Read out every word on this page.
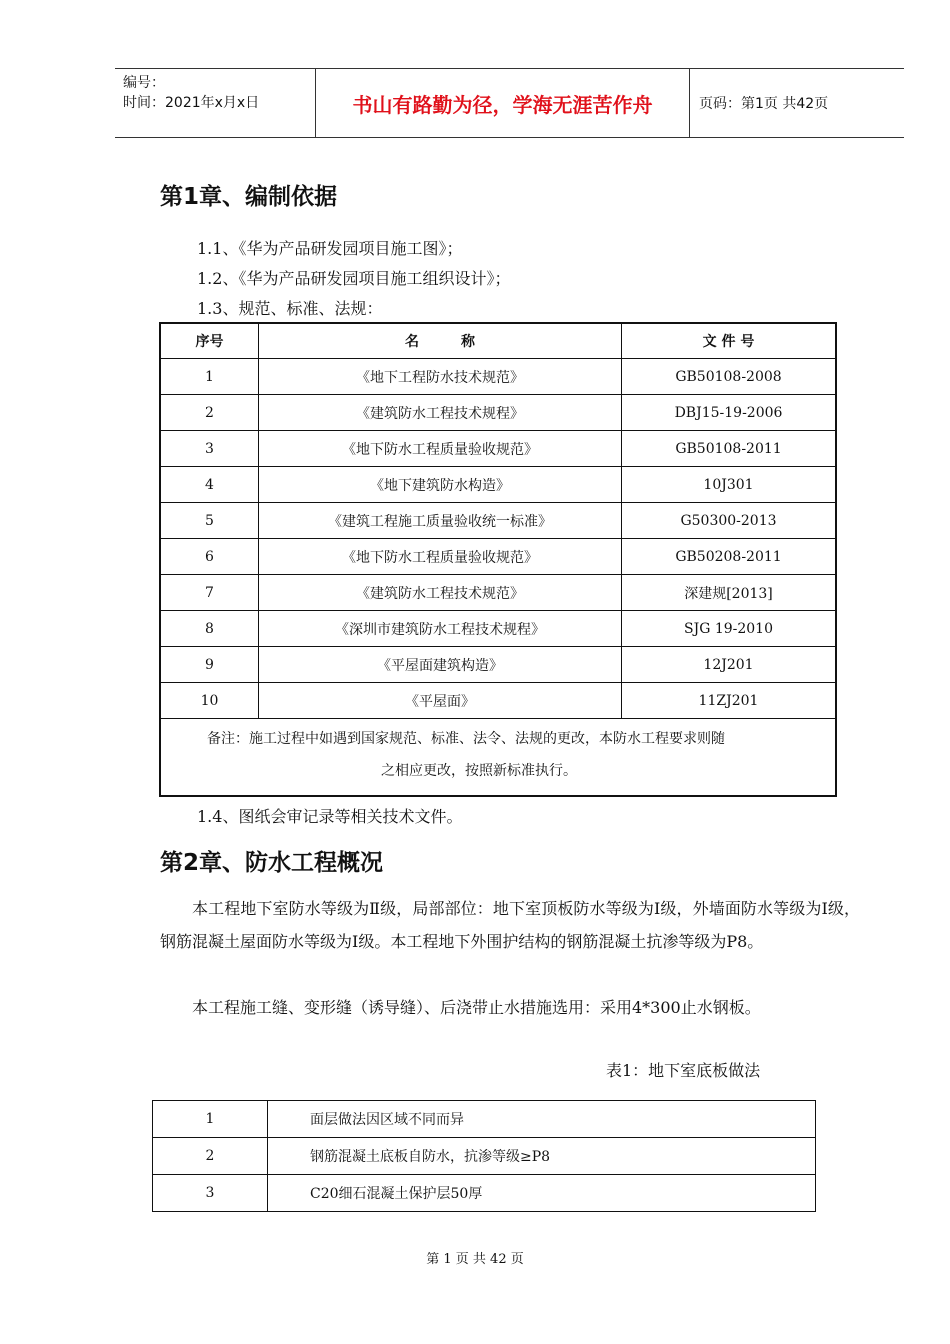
编号：
时间：2021年x月x日	书山有路勤为径，学海无涯苦作舟	页码：第1页 共42页
第1章、编制依据
1.1、《华为产品研发园项目施工图》；
1.2、《华为产品研发园项目施工组织设计》；
1.3、规范、标准、法规：
序号	名　　　称	文 件 号
1	《地下工程防水技术规范》	GB50108-2008
2	《建筑防水工程技术规程》	DBJ15-19-2006
3	《地下防水工程质量验收规范》	GB50108-2011
4	《地下建筑防水构造》	10J301
5	《建筑工程施工质量验收统一标准》	G50300-2013
6	《地下防水工程质量验收规范》	GB50208-2011
7	《建筑防水工程技术规范》	深建规[2013]
8	《深圳市建筑防水工程技术规程》	SJG 19-2010
9	《平屋面建筑构造》	12J201
10	《平屋面》	11ZJ201

备注：施工过程中如遇到国家规范、标准、法令、法规的更改，本防水工程要求则随
之相应更改，按照新标准执行。		
1.4、图纸会审记录等相关技术文件。
第2章、防水工程概况
本工程地下室防水等级为Ⅱ级，局部部位：地下室顶板防水等级为Ⅰ级，外墙面防水等级为Ⅰ级，钢筋混凝土屋面防水等级为Ⅰ级。本工程地下外围护结构的钢筋混凝土抗渗等级为P8。
本工程施工缝、变形缝（诱导缝）、后浇带止水措施选用：采用4*300止水钢板。
表1：地下室底板做法
1	面层做法因区域不同而异
2	钢筋混凝土底板自防水，抗渗等级≥P8
3	C20细石混凝土保护层50厚
第 1 页 共 42 页
